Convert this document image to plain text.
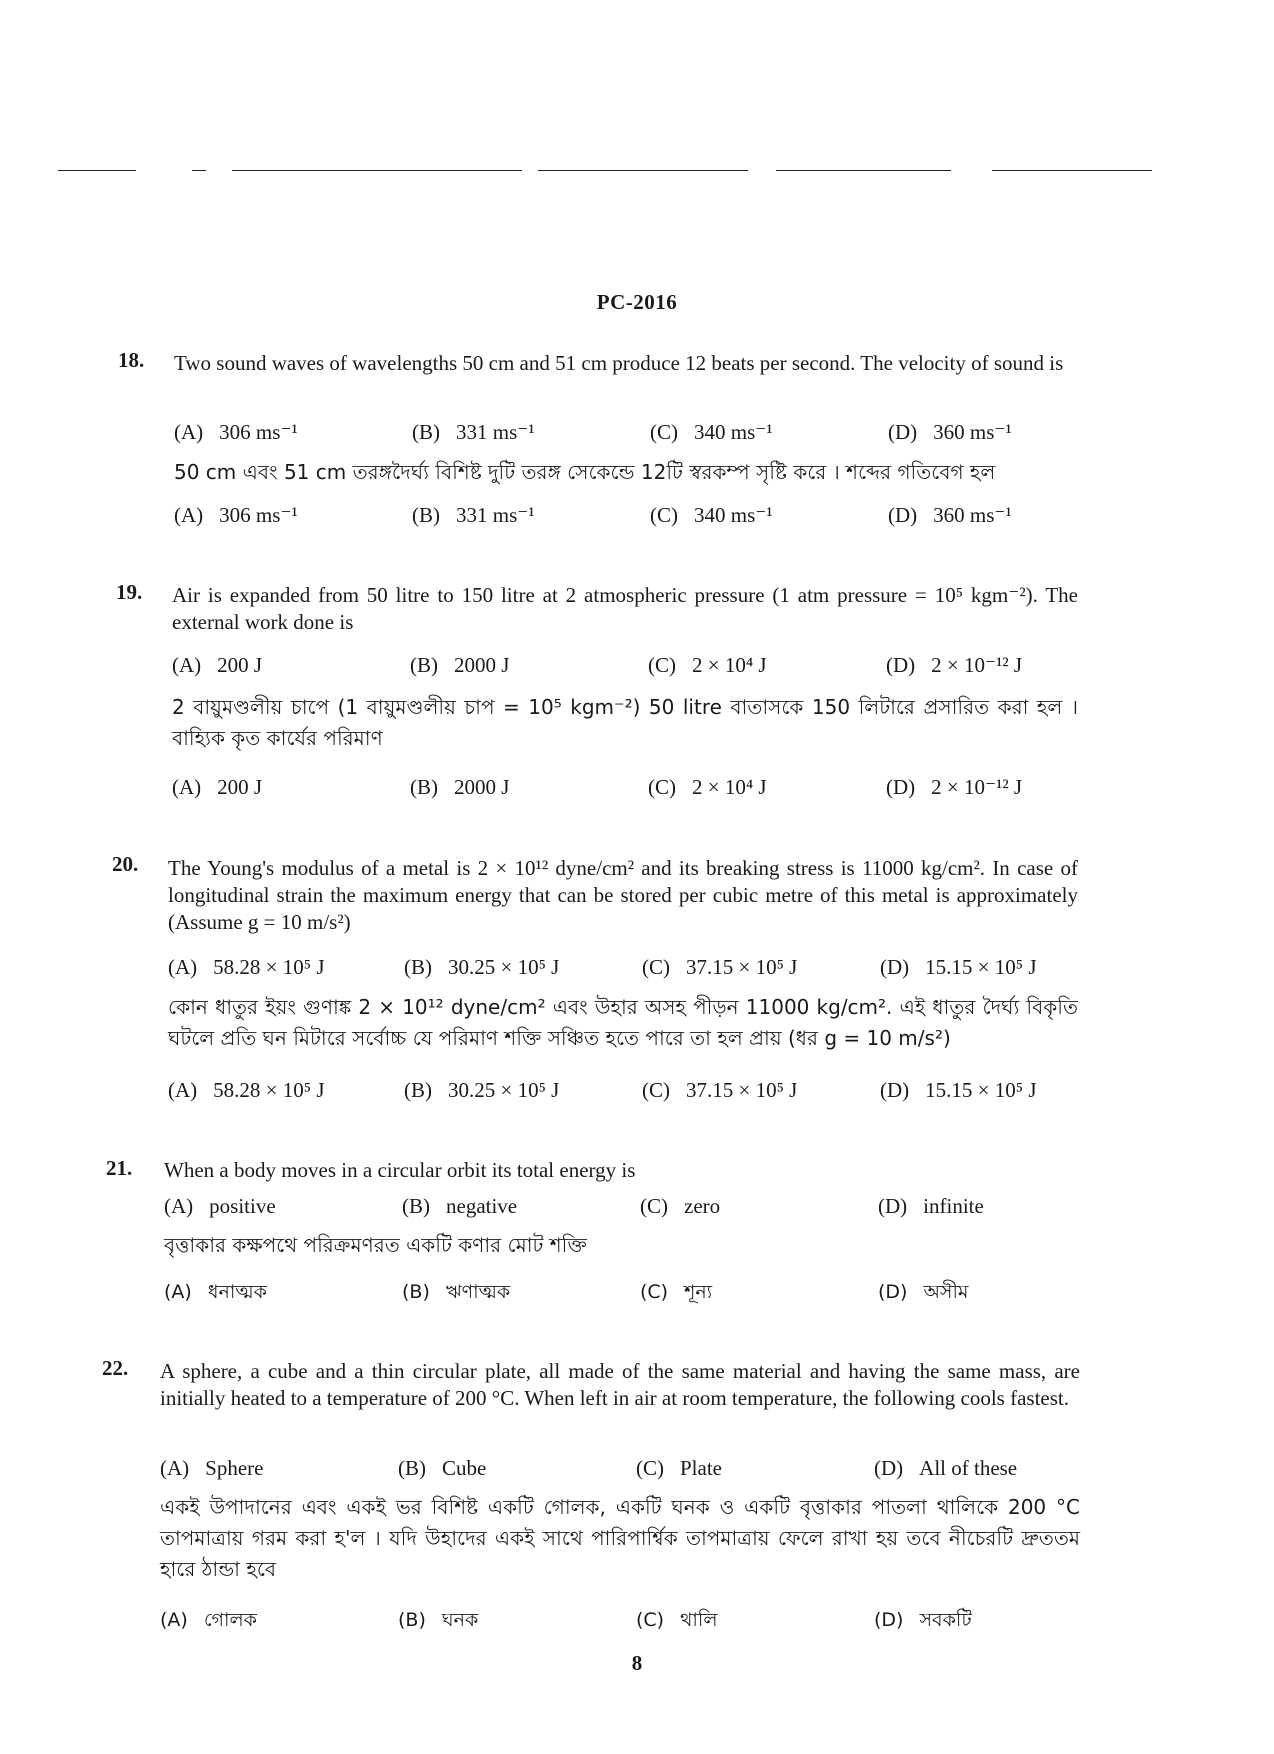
PC-2016
18. Two sound waves of wavelengths 50 cm and 51 cm produce 12 beats per second. The velocity of sound is
(A) 306 ms⁻¹	(B) 331 ms⁻¹	(C) 340 ms⁻¹	(D) 360 ms⁻¹
50 cm এবং 51 cm তরঙ্গদৈর্ঘ্য বিশিষ্ট দুটি তরঙ্গ সেকেন্ডে 12টি স্বরকম্প সৃষ্টি করে । শব্দের গতিবেগ হল
(A) 306 ms⁻¹	(B) 331 ms⁻¹	(C) 340 ms⁻¹	(D) 360 ms⁻¹
19. Air is expanded from 50 litre to 150 litre at 2 atmospheric pressure (1 atm pressure = 10⁵ kgm⁻²). The external work done is
(A) 200 J	(B) 2000 J	(C) 2 × 10⁴ J	(D) 2 × 10⁻¹² J
2 বায়ুমণ্ডলীয় চাপে (1 বায়ুমণ্ডলীয় চাপ = 10⁵ kgm⁻²) 50 litre বাতাসকে 150 লিটারে প্রসারিত করা হল । বাহ্যিক কৃত কার্যের পরিমাণ
(A) 200 J	(B) 2000 J	(C) 2 × 10⁴ J	(D) 2 × 10⁻¹² J
20. The Young's modulus of a metal is 2 × 10¹² dyne/cm² and its breaking stress is 11000 kg/cm². In case of longitudinal strain the maximum energy that can be stored per cubic metre of this metal is approximately (Assume g = 10 m/s²)
(A) 58.28 × 10⁵ J	(B) 30.25 × 10⁵ J	(C) 37.15 × 10⁵ J	(D) 15.15 × 10⁵ J
কোন ধাতুর ইয়ং গুণাঙ্ক 2 × 10¹² dyne/cm² এবং উহার অসহ পীড়ন 11000 kg/cm². এই ধাতুর দৈর্ঘ্য বিকৃতি ঘটলে প্রতি ঘন মিটারে সর্বোচ্চ যে পরিমাণ শক্তি সঞ্চিত হতে পারে তা হল প্রায় (ধর g = 10 m/s²)
(A) 58.28 × 10⁵ J	(B) 30.25 × 10⁵ J	(C) 37.15 × 10⁵ J	(D) 15.15 × 10⁵ J
21. When a body moves in a circular orbit its total energy is
(A) positive	(B) negative	(C) zero	(D) infinite
বৃত্তাকার কক্ষপথে পরিক্রমণরত একটি কণার মোট শক্তি
(A) ধনাত্মক	(B) ঋণাত্মক	(C) শূন্য	(D) অসীম
22. A sphere, a cube and a thin circular plate, all made of the same material and having the same mass, are initially heated to a temperature of 200 °C. When left in air at room temperature, the following cools fastest.
(A) Sphere	(B) Cube	(C) Plate	(D) All of these
একই উপাদানের এবং একই ভর বিশিষ্ট একটি গোলক, একটি ঘনক ও একটি বৃত্তাকার পাতলা থালিকে 200 °C তাপমাত্রায় গরম করা হ'ল । যদি উহাদের একই সাথে পারিপার্শ্বিক তাপমাত্রায় ফেলে রাখা হয় তবে নীচেরটি দ্রুততম হারে ঠান্ডা হবে
(A) গোলক	(B) ঘনক	(C) থালি	(D) সবকটি
8
